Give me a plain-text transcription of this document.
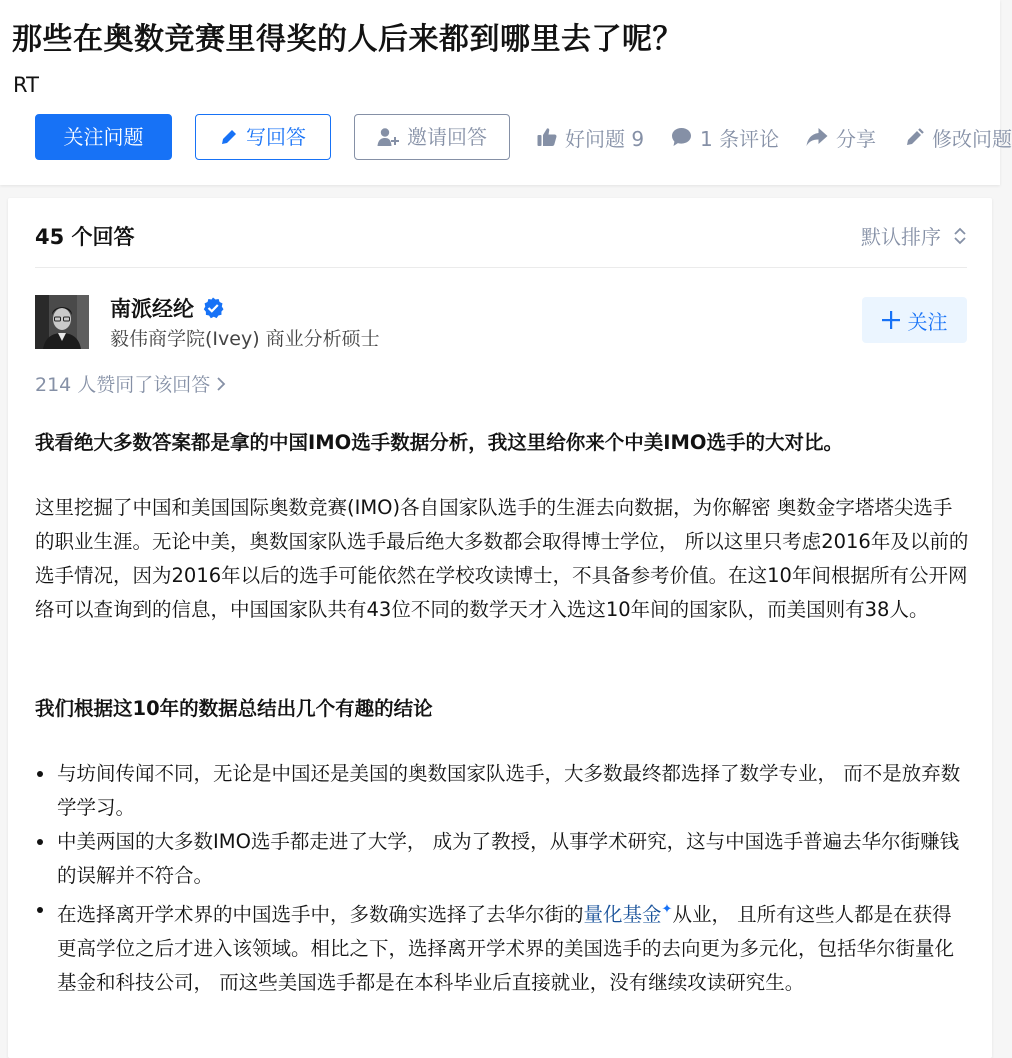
那些在奥数竞赛里得奖的人后来都到哪里去了呢？
RT
关注问题	写回答	邀请回答	好问题 9	1 条评论	分享	修改问题
45 个回答	默认排序
南派经纶
毅伟商学院(Ivey) 商业分析硕士
关注
214 人赞同了该回答

我看绝大多数答案都是拿的中国IMO选手数据分析，我这里给你来个中美IMO选手的大对比。

这里挖掘了中国和美国国际奥数竞赛(IMO)各自国家队选手的生涯去向数据，为你解密 奥数金字塔塔尖选手的职业生涯。无论中美，奥数国家队选手最后绝大多数都会取得博士学位， 所以这里只考虑2016年及以前的选手情况，因为2016年以后的选手可能依然在学校攻读博士，不具备参考价值。在这10年间根据所有公开网络可以查询到的信息，中国国家队共有43位不同的数学天才入选这10年间的国家队，而美国则有38人。

我们根据这10年的数据总结出几个有趣的结论

与坊间传闻不同，无论是中国还是美国的奥数国家队选手，大多数最终都选择了数学专业， 而不是放弃数学学习。
中美两国的大多数IMO选手都走进了大学， 成为了教授，从事学术研究，这与中国选手普遍去华尔街赚钱的误解并不符合。
在选择离开学术界的中国选手中，多数确实选择了去华尔街的量化基金✦从业， 且所有这些人都是在获得更高学位之后才进入该领域。相比之下，选择离开学术界的美国选手的去向更为多元化，包括华尔街量化基金和科技公司， 而这些美国选手都是在本科毕业后直接就业，没有继续攻读研究生。
